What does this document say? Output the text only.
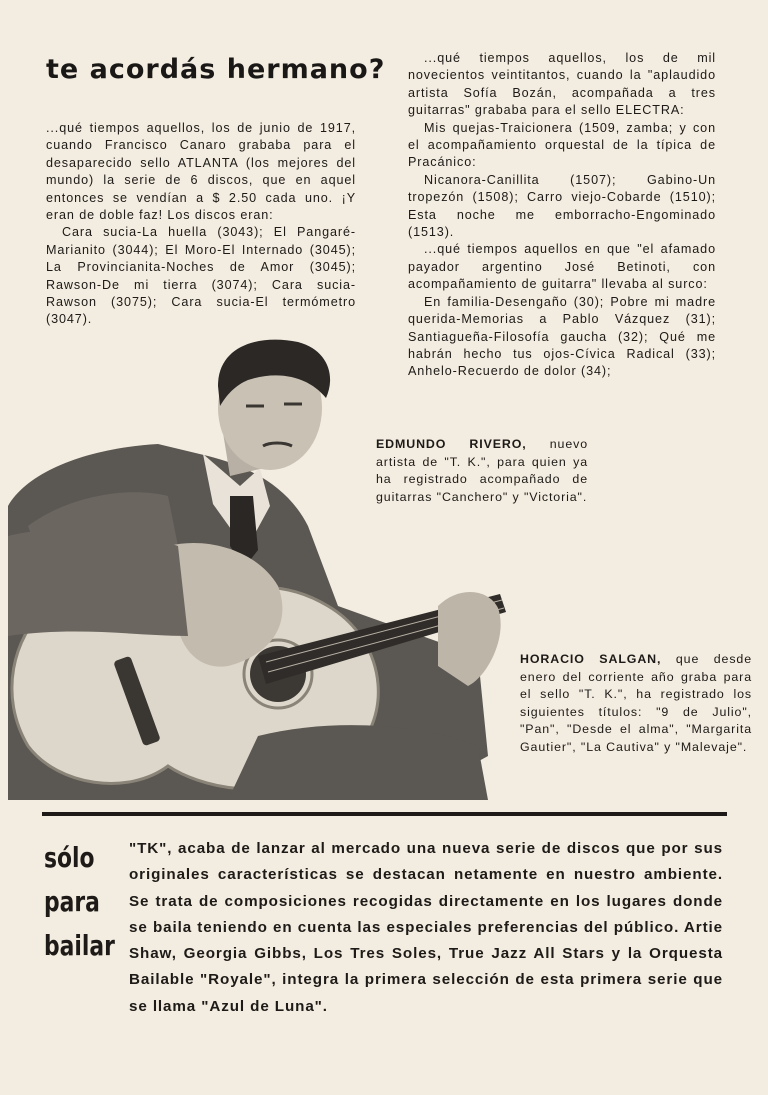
te acordás hermano?

...qué tiempos aquellos, los de junio de 1917, cuando Francisco Canaro grababa para el desaparecido sello ATLANTA (los mejores del mundo) la serie de 6 discos, que en aquel entonces se vendían a $ 2.50 cada uno. ¡Y eran de doble faz! Los discos eran:

Cara sucia-La huella (3043); El Pangaré-Marianito (3044); El Moro-El Internado (3045); La Provincianita-Noches de Amor (3045); Rawson-De mi tierra (3074); Cara sucia-Rawson (3075); Cara sucia-El termómetro (3047).

...qué tiempos aquellos, los de mil novecientos veintitantos, cuando la "aplaudido artista Sofía Bozán, acompañada a tres guitarras" grababa para el sello ELECTRA:

Mis quejas-Traicionera (1509, zamba; y con el acompañamiento orquestal de la típica de Pracánico:

Nicanora-Canillita (1507); Gabino-Un tropezón (1508); Carro viejo-Cobarde (1510); Esta noche me emborracho-Engominado (1513).

...qué tiempos aquellos en que "el afamado payador argentino José Betinoti, con acompañamiento de guitarra" llevaba al surco:

En familia-Desengaño (30); Pobre mi madre querida-Memorias a Pablo Vázquez (31); Santiagueña-Filosofía gaucha (32); Qué me habrán hecho tus ojos-Cívica Radical (33); Anhelo-Recuerdo de dolor (34);

EDMUNDO RIVERO, nuevo artista de "T. K.", para quien ya ha registrado acompañado de guitarras "Canchero" y "Victoria".

HORACIO SALGAN, que desde enero del corriente año graba para el sello "T. K.", ha registrado los siguientes títulos: "9 de Julio", "Pan", "Desde el alma", "Margarita Gautier", "La Cautiva" y "Malevaje".

sólo
para
bailar

"TK", acaba de lanzar al mercado una nueva serie de discos que por sus originales características se destacan netamente en nuestro ambiente. Se trata de composiciones recogidas directamente en los lugares donde se baila teniendo en cuenta las especiales preferencias del público. Artie Shaw, Georgia Gibbs, Los Tres Soles, True Jazz All Stars y la Orquesta Bailable "Royale", integra la primera selección de esta primera serie que se llama "Azul de Luna".
